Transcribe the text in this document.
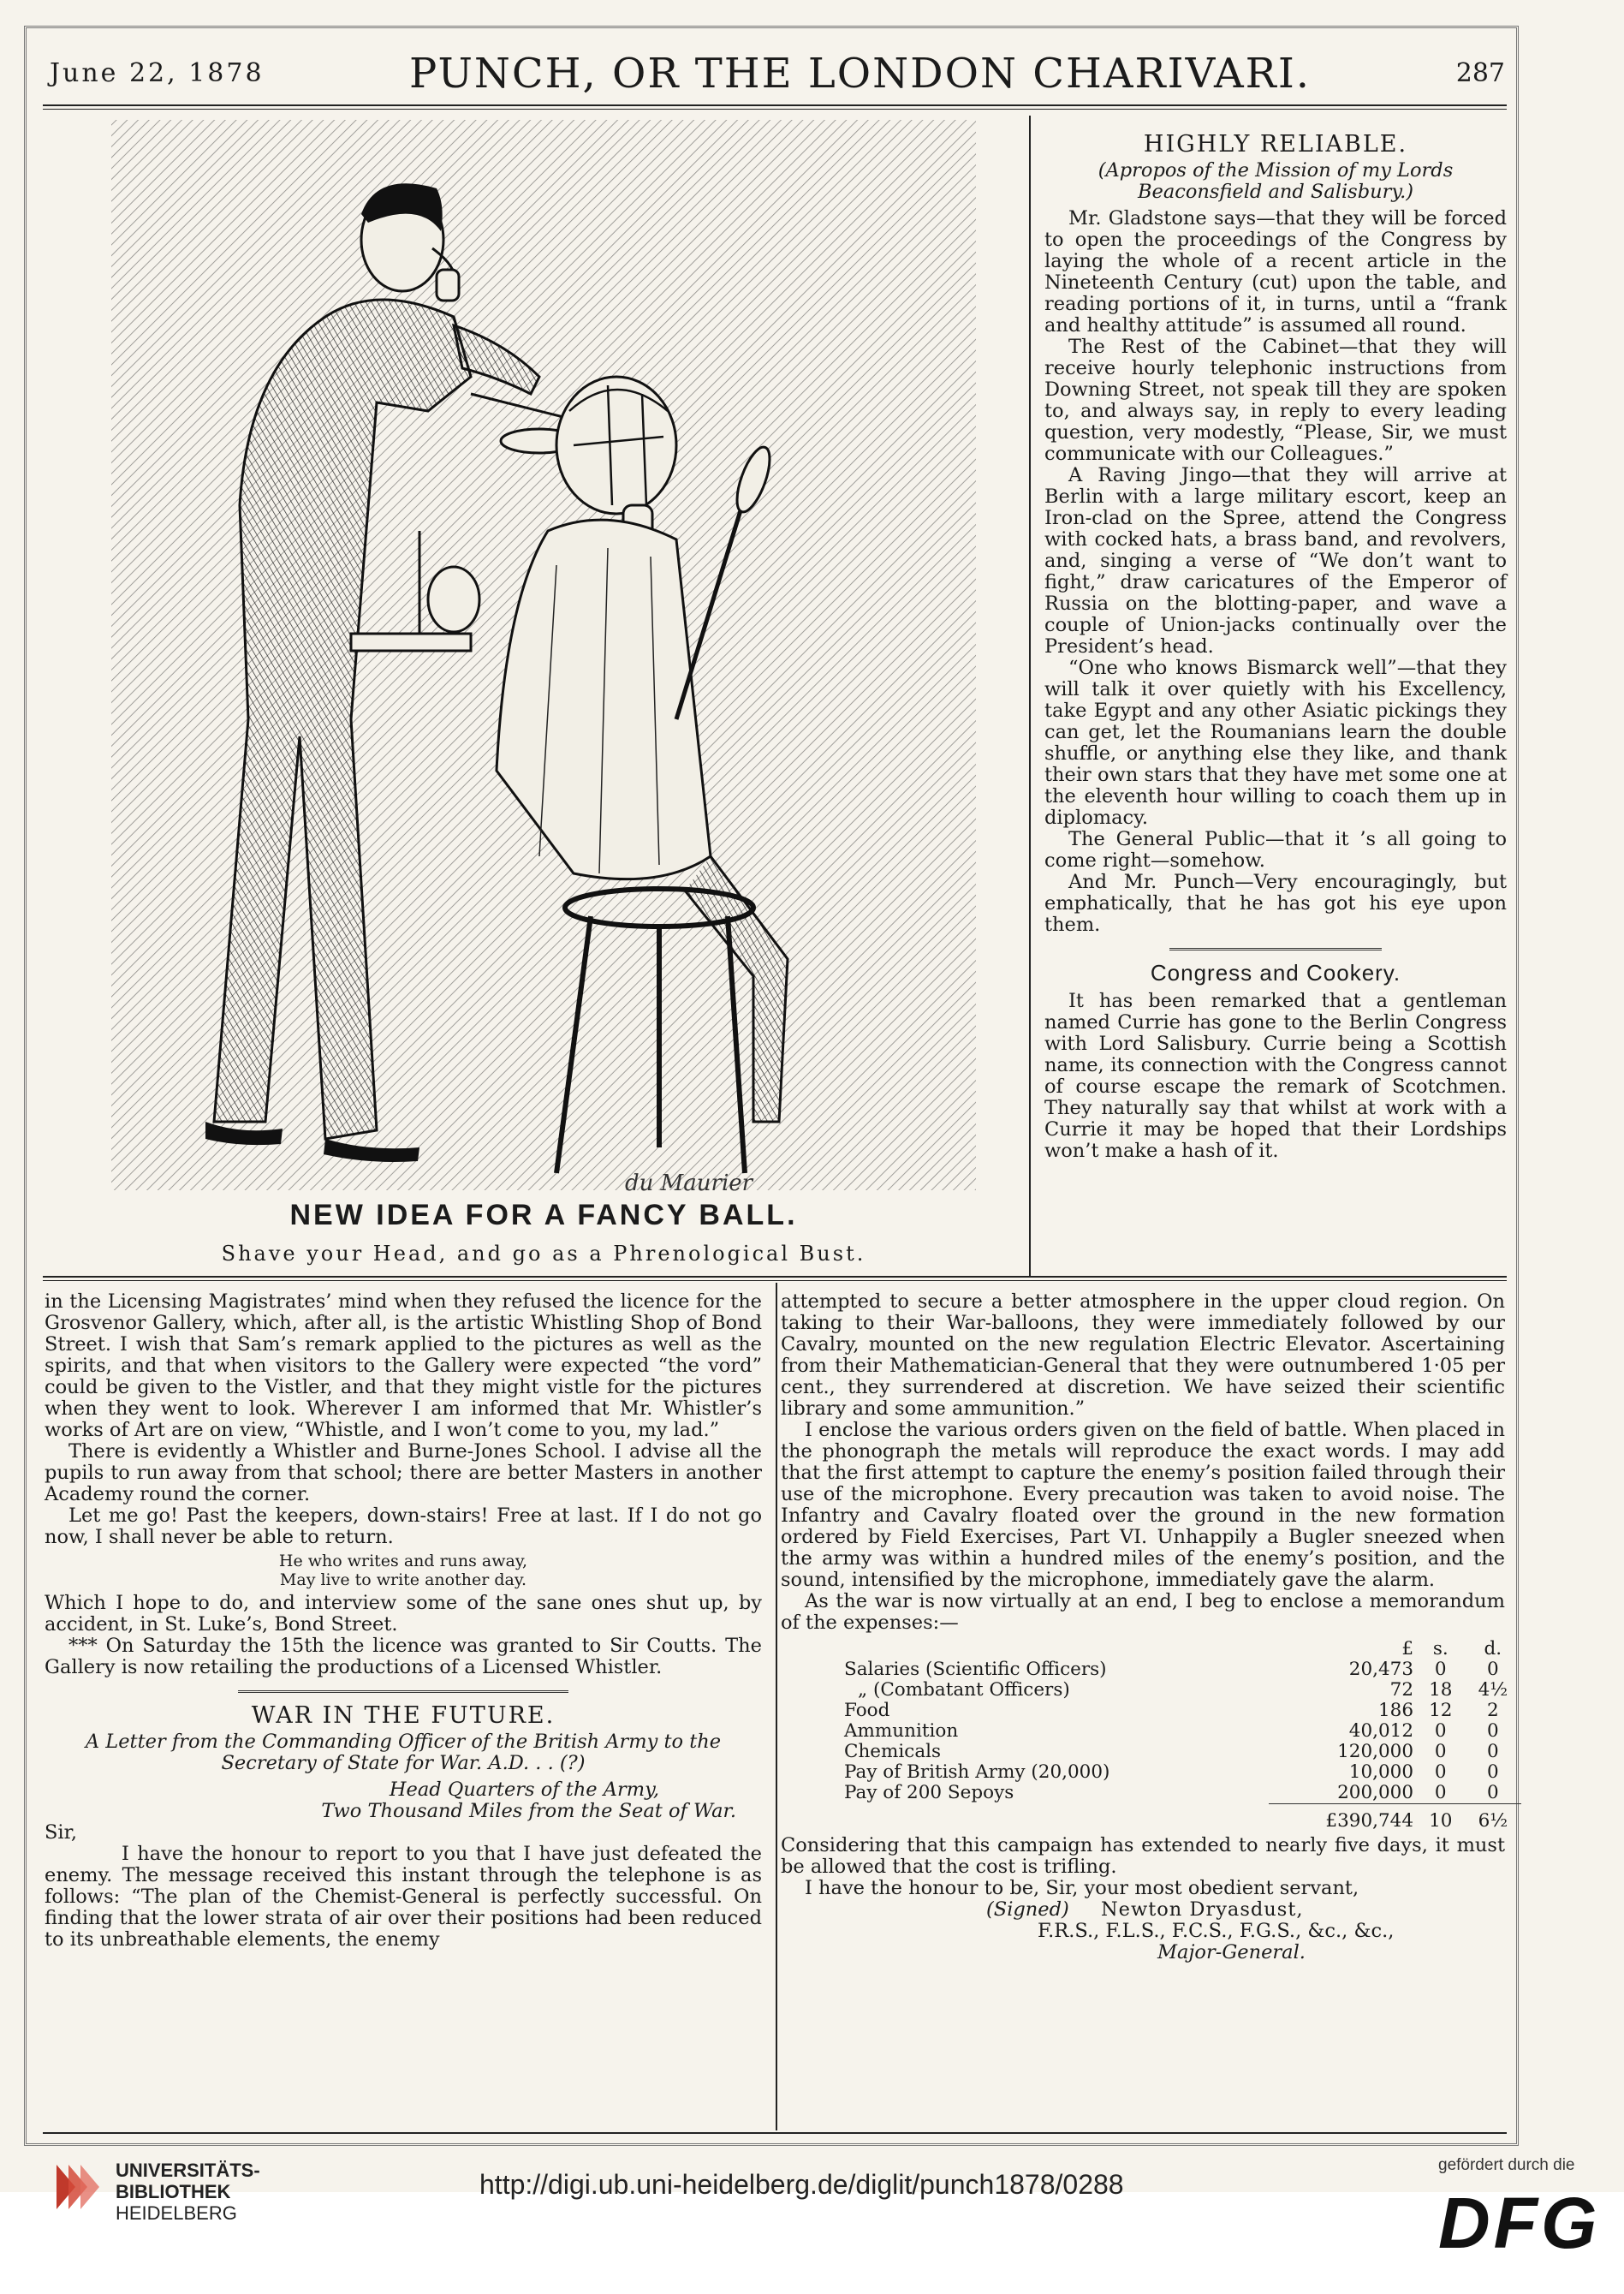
June 22, 1878	PUNCH, OR THE LONDON CHARIVARI.	287
du Maurier
NEW IDEA FOR A FANCY BALL.
Shave your Head, and go as a Phrenological Bust.
HIGHLY RELIABLE.
(Apropos of the Mission of my Lords Beaconsfield and Salisbury.)

Mr. Gladstone says—that they will be forced to open the proceedings of the Congress by laying the whole of a recent article in the Nineteenth Century (cut) upon the table, and reading portions of it, in turns, until a “frank and healthy attitude” is assumed all round.

The Rest of the Cabinet—that they will receive hourly telephonic instructions from Downing Street, not speak till they are spoken to, and always say, in reply to every leading question, very modestly, “Please, Sir, we must communicate with our Colleagues.”

A Raving Jingo—that they will arrive at Berlin with a large military escort, keep an Iron-clad on the Spree, attend the Congress with cocked hats, a brass band, and revolvers, and, singing a verse of “We don’t want to fight,” draw caricatures of the Emperor of Russia on the blotting-paper, and wave a couple of Union-jacks continually over the President’s head.

“One who knows Bismarck well”—that they will talk it over quietly with his Excellency, take Egypt and any other Asiatic pickings they can get, let the Roumanians learn the double shuffle, or anything else they like, and thank their own stars that they have met some one at the eleventh hour willing to coach them up in diplomacy.

The General Public—that it ’s all going to come right—somehow.

And Mr. Punch—Very encouragingly, but emphatically, that he has got his eye upon them.

Congress and Cookery.

It has been remarked that a gentleman named Currie has gone to the Berlin Congress with Lord Salisbury. Currie being a Scottish name, its connection with the Congress cannot of course escape the remark of Scotchmen. They naturally say that whilst at work with a Currie it may be hoped that their Lordships won’t make a hash of it.

in the Licensing Magistrates’ mind when they refused the licence for the Grosvenor Gallery, which, after all, is the artistic Whistling Shop of Bond Street. I wish that Sam’s remark applied to the pictures as well as the spirits, and that when visitors to the Gallery were expected “the vord” could be given to the Vistler, and that they might vistle for the pictures when they went to look. Wherever I am informed that Mr. Whistler’s works of Art are on view, “Whistle, and I won’t come to you, my lad.”

There is evidently a Whistler and Burne-Jones School. I advise all the pupils to run away from that school; there are better Masters in another Academy round the corner.

Let me go! Past the keepers, down-stairs! Free at last. If I do not go now, I shall never be able to return.

He who writes and runs away,
May live to write another day.

Which I hope to do, and interview some of the sane ones shut up, by accident, in St. Luke’s, Bond Street.

*** On Saturday the 15th the licence was granted to Sir Coutts. The Gallery is now retailing the productions of a Licensed Whistler.

WAR IN THE FUTURE.
A Letter from the Commanding Officer of the British Army to the Secretary of State for War. A.D. . . (?)
Head Quarters of the Army,
Two Thousand Miles from the Seat of War.

Sir,

I have the honour to report to you that I have just defeated the enemy. The message received this instant through the telephone is as follows: “The plan of the Chemist-General is perfectly successful. On finding that the lower strata of air over their positions had been reduced to its unbreathable elements, the enemy

attempted to secure a better atmosphere in the upper cloud region. On taking to their War-balloons, they were immediately followed by our Cavalry, mounted on the new regulation Electric Elevator. Ascertaining from their Mathematician-General that they were outnumbered 1·05 per cent., they surrendered at discretion. We have seized their scientific library and some ammunition.”

I enclose the various orders given on the field of battle. When placed in the phonograph the metals will reproduce the exact words. I may add that the first attempt to capture the enemy’s position failed through their use of the microphone. Every precaution was taken to avoid noise. The Infantry and Cavalry floated over the ground in the new formation ordered by Field Exercises, Part VI. Unhappily a Bugler sneezed when the army was within a hundred miles of the enemy’s position, and the sound, intensified by the microphone, immediately gave the alarm.

As the war is now virtually at an end, I beg to enclose a memorandum of the expenses:—

	£	s.	d.
Salaries (Scientific Officers)	20,473	0	0
„ (Combatant Officers)	72	18	4½
Food	186	12	2
Ammunition	40,012	0	0
Chemicals	120,000	0	0
Pay of British Army (20,000)	10,000	0	0
Pay of 200 Sepoys	200,000	0	0
	£390,744	10	6½

Considering that this campaign has extended to nearly five days, it must be allowed that the cost is trifling.

I have the honour to be, Sir, your most obedient servant,

(Signed) Newton Dryasdust,
F.R.S., F.L.S., F.C.S., F.G.S., &c., &c.,
Major-General.
UNIVERSITÄTS-
BIBLIOTHEK
HEIDELBERG
http://digi.ub.uni-heidelberg.de/diglit/punch1878/0288
gefördert durch die
DFG
